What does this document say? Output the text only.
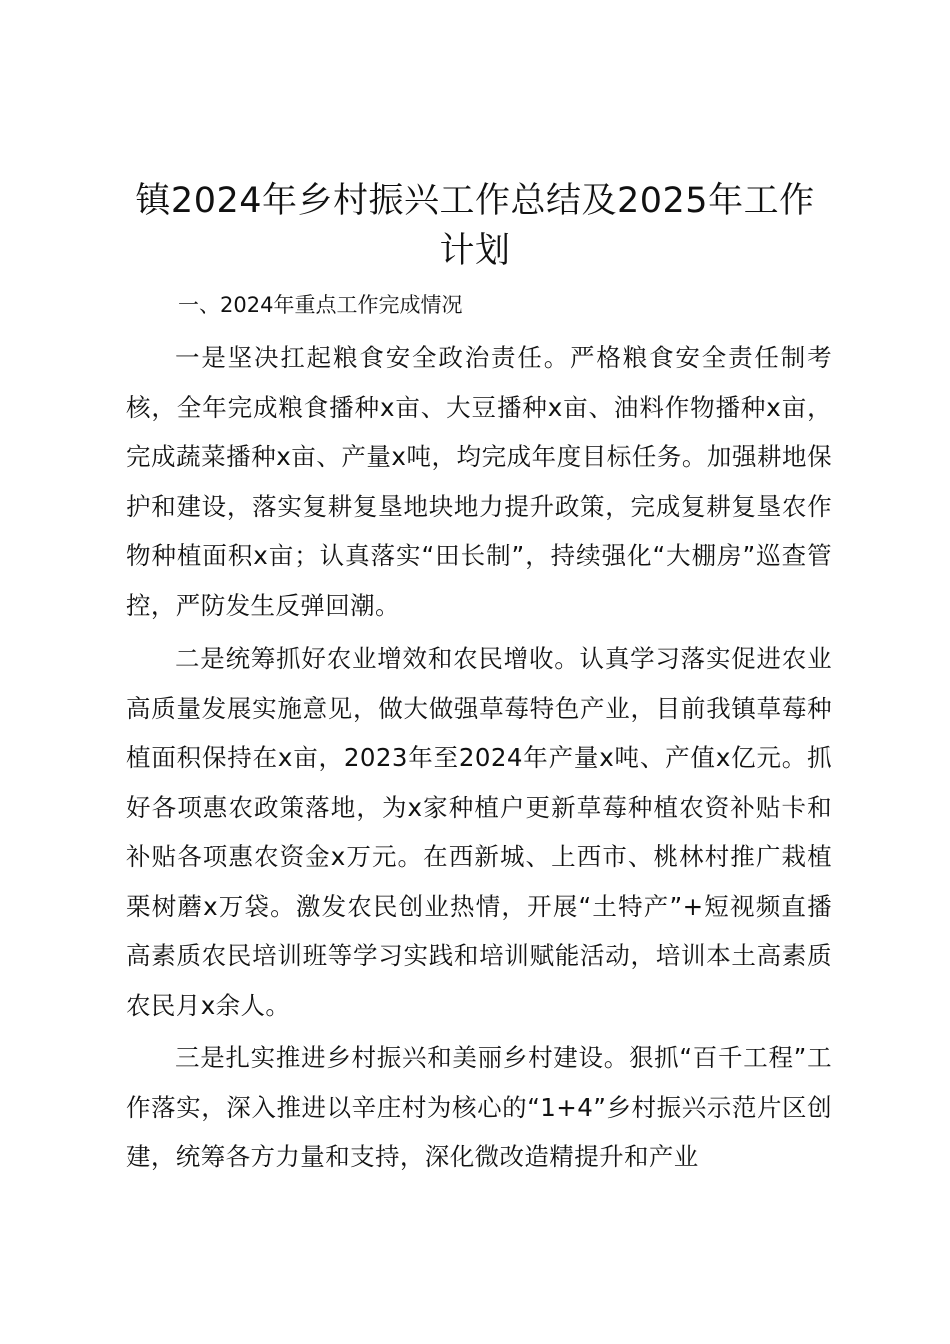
镇2024年乡村振兴工作总结及2025年工作计划
一、2024年重点工作完成情况

一是坚决扛起粮食安全政治责任。严格粮食安全责任制考核，全年完成粮食播种x亩、大豆播种x亩、油料作物播种x亩，完成蔬菜播种x亩、产量x吨，均完成年度目标任务。加强耕地保护和建设，落实复耕复垦地块地力提升政策，完成复耕复垦农作物种植面积x亩；认真落实“田长制”，持续强化“大棚房”巡查管控，严防发生反弹回潮。

二是统筹抓好农业增效和农民增收。认真学习落实促进农业高质量发展实施意见，做大做强草莓特色产业，目前我镇草莓种植面积保持在x亩，2023年至2024年产量x吨、产值x亿元。抓好各项惠农政策落地，为x家种植户更新草莓种植农资补贴卡和补贴各项惠农资金x万元。在西新城、上西市、桃林村推广栽植栗树蘑x万袋。激发农民创业热情，开展“土特产”+短视频直播高素质农民培训班等学习实践和培训赋能活动，培训本土高素质农民月x余人。

三是扎实推进乡村振兴和美丽乡村建设。狠抓“百千工程”工作落实，深入推进以辛庄村为核心的“1+4”乡村振兴示范片区创建，统筹各方力量和支持，深化微改造精提升和产业
